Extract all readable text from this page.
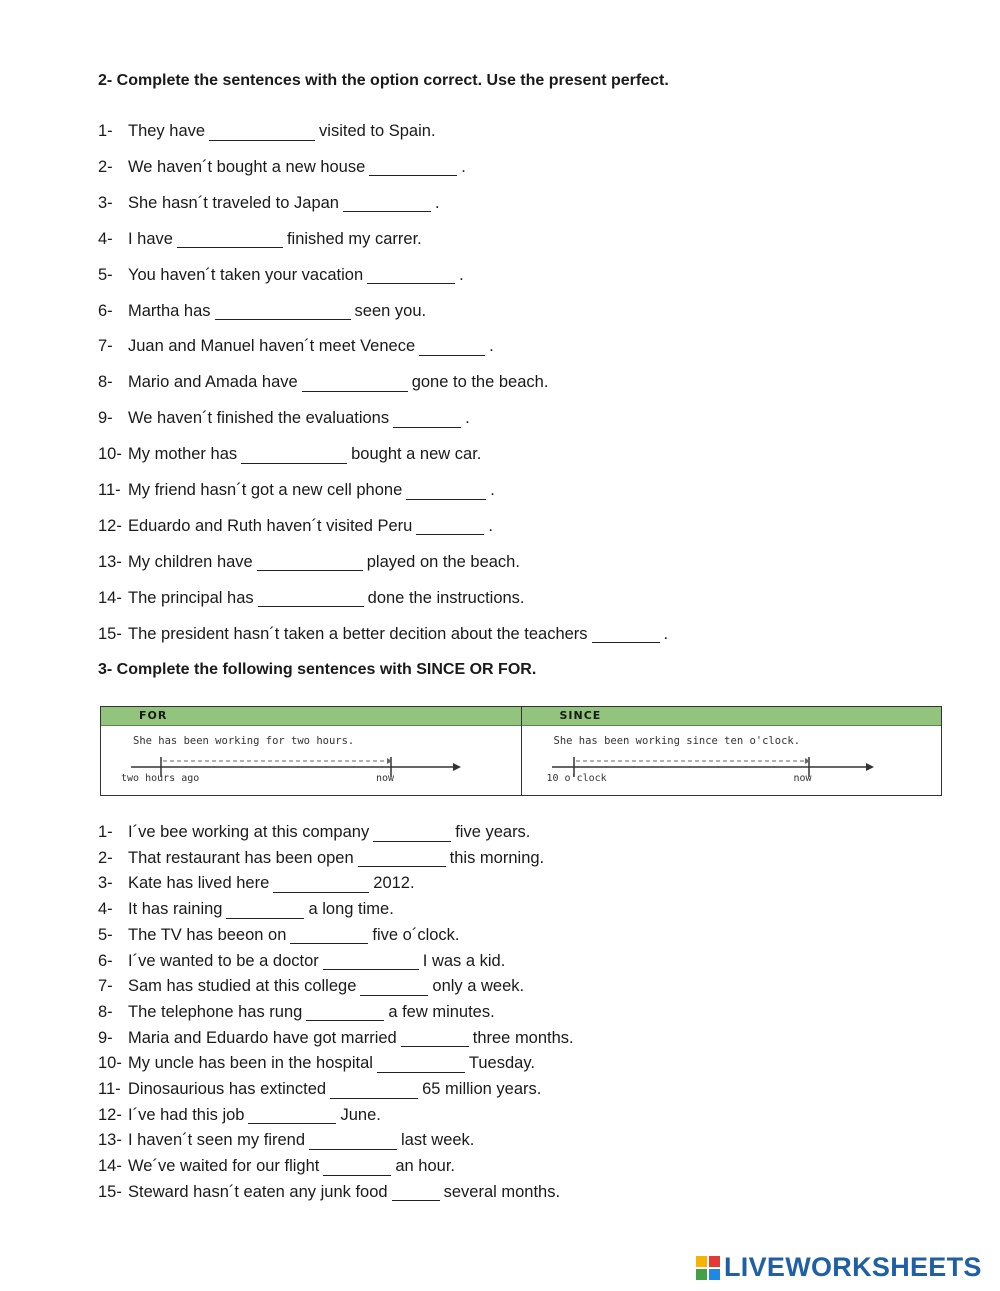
2- Complete the sentences with the option correct. Use the present perfect.
1- They have	visited to Spain.
2- We haven´t bought a new house	.
3- She hasn´t traveled to Japan	.
4- I have	finished my carrer.
5- You haven´t taken your vacation	.
6- Martha has	seen you.
7- Juan and Manuel haven´t meet Venece	.
8- Mario and Amada have	gone to the beach.
9- We haven´t finished the evaluations	.
10- My mother has	bought a new car.
11- My friend hasn´t got a new cell phone	.
12- Eduardo and Ruth haven´t visited Peru	.
13- My children have	played on the beach.
14- The principal has	done the instructions.
15- The president hasn´t taken a better decition about the teachers	.
3- Complete the following sentences with SINCE OR FOR.
FOR
She has been working for two hours.
two hours ago	now
SINCE
She has been working since ten o'clock.
10 o'clock	now
1- I´ve bee working at this company	five years.
2- That restaurant has been open	this morning.
3- Kate has lived here	2012.
4- It has raining	a long time.
5- The TV has beeon on	five o´clock.
6- I´ve wanted to be a doctor	I was a kid.
7- Sam has studied at this college	only a week.
8- The telephone has rung	a few minutes.
9- Maria and Eduardo have got married	three months.
10- My uncle has been in the hospital	Tuesday.
11- Dinosaurious has extincted	65 million years.
12- I´ve had this job	June.
13- I haven´t seen my firend	last week.
14- We´ve waited for our flight	an hour.
15- Steward hasn´t eaten any junk food	several months.
LIVEWORKSHEETS
